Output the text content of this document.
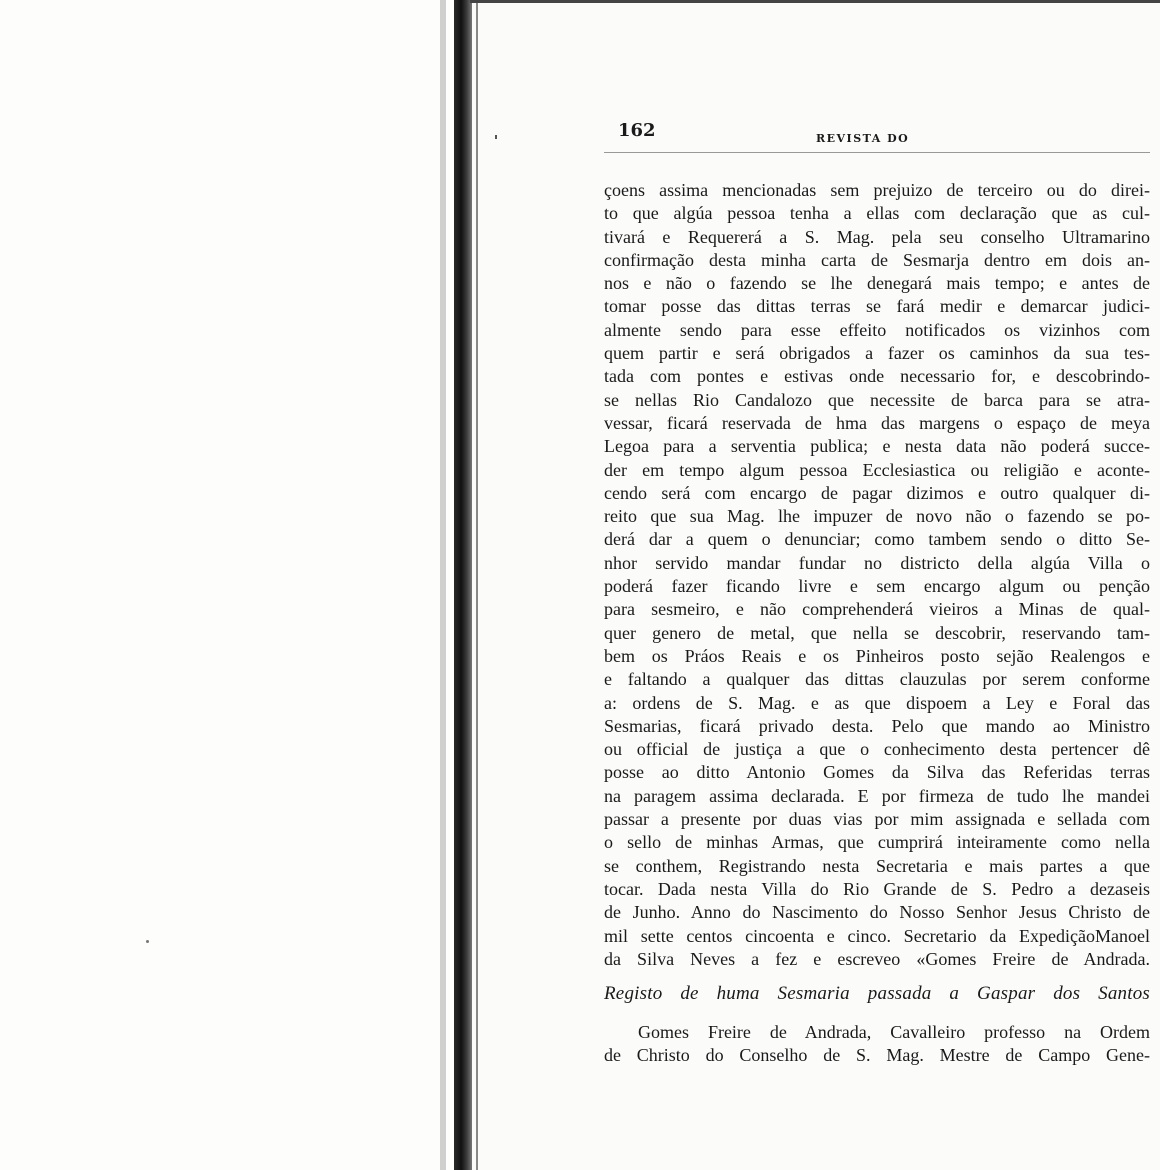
162	REVISTA DO
çoens assima mencionadas sem prejuizo de terceiro ou do direi-
to que algúa pessoa tenha a ellas com declaração que as cul-
tivará e Requererá a S. Mag. pela seu conselho Ultramarino
confirmação desta minha carta de Sesmarja dentro em dois an-
nos e não o fazendo se lhe denegará mais tempo; e antes de
tomar posse das dittas terras se fará medir e demarcar judici-
almente sendo para esse effeito notificados os vizinhos com
quem partir e será obrigados a fazer os caminhos da sua tes-
tada com pontes e estivas onde necessario for, e descobrindo-
se nellas Rio Candalozo que necessite de barca para se atra-
vessar, ficará reservada de hma das margens o espaço de meya
Legoa para a serventia publica; e nesta data não poderá succe-
der em tempo algum pessoa Ecclesiastica ou religião e aconte-
cendo será com encargo de pagar dizimos e outro qualquer di-
reito que sua Mag. lhe impuzer de novo não o fazendo se po-
derá dar a quem o denunciar; como tambem sendo o ditto Se-
nhor servido mandar fundar no districto della algúa Villa o
poderá fazer ficando livre e sem encargo algum ou penção
para sesmeiro, e não comprehenderá vieiros a Minas de qual-
quer genero de metal, que nella se descobrir, reservando tam-
bem os Práos Reais e os Pinheiros posto sejão Realengos e
e faltando a qualquer das dittas clauzulas por serem conforme
a: ordens de S. Mag. e as que dispoem a Ley e Foral das
Sesmarias, ficará privado desta. Pelo que mando ao Ministro
ou official de justiça a que o conhecimento desta pertencer dê
posse ao ditto Antonio Gomes da Silva das Referidas terras
na paragem assima declarada. E por firmeza de tudo lhe mandei
passar a presente por duas vias por mim assignada e sellada com
o sello de minhas Armas, que cumprirá inteiramente como nella
se conthem, Registrando nesta Secretaria e mais partes a que
tocar. Dada nesta Villa do Rio Grande de S. Pedro a dezaseis
de Junho. Anno do Nascimento do Nosso Senhor Jesus Christo de
mil sette centos cincoenta e cinco. Secretario da ExpediçãoManoel
da Silva Neves a fez e escreveo «Gomes Freire de Andrada.
Registo de huma Sesmaria passada a Gaspar dos Santos
Gomes Freire de Andrada, Cavalleiro professo na Ordem
de Christo do Conselho de S. Mag. Mestre de Campo Gene-
